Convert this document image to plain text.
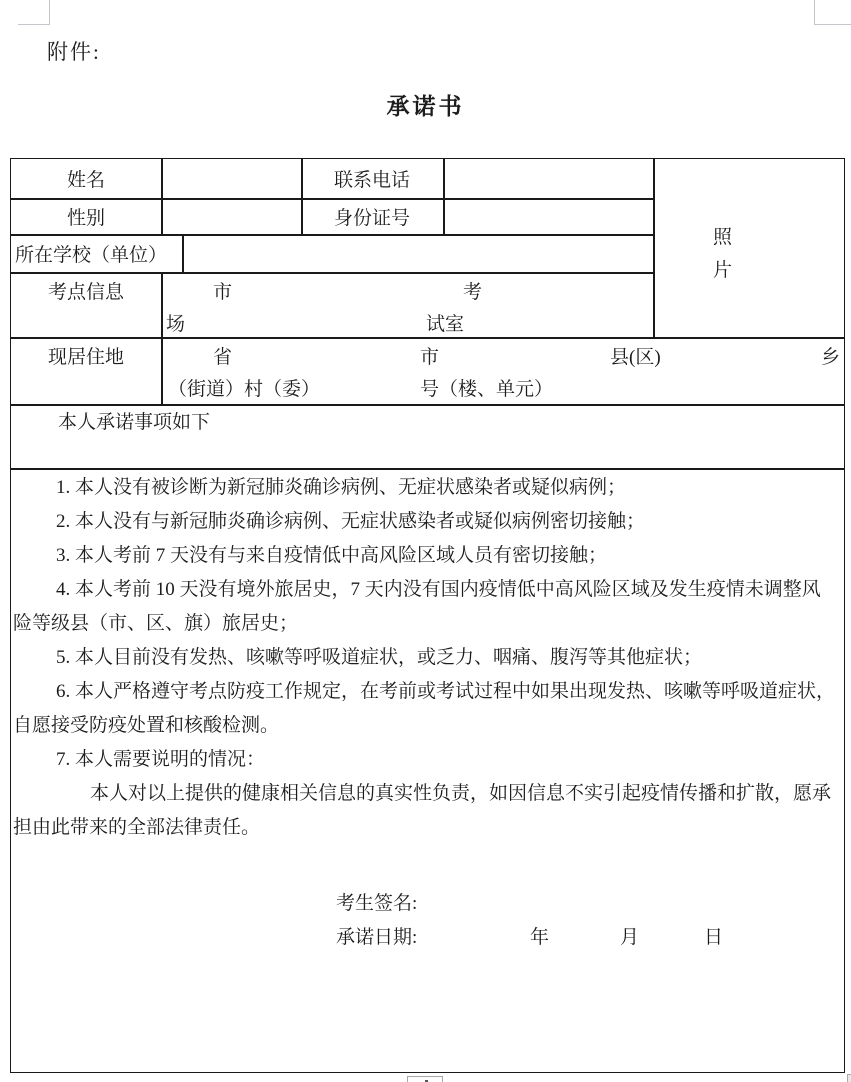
附件:
承诺书
姓名	联系电话
性别	身份证号
所在学校（单位）
照
片
考点信息	市	考
场	试室
现居住地	省	市	县(区)	乡
（街道）村（委）	号（楼、单元）
本人承诺事项如下

1. 本人没有被诊断为新冠肺炎确诊病例、无症状感染者或疑似病例；

2. 本人没有与新冠肺炎确诊病例、无症状感染者或疑似病例密切接触；

3. 本人考前 7 天没有与来自疫情低中高风险区域人员有密切接触；

4. 本人考前 10 天没有境外旅居史，7 天内没有国内疫情低中高风险区域及发生疫情未调整风险等级县（市、区、旗）旅居史；

5. 本人目前没有发热、咳嗽等呼吸道症状，或乏力、咽痛、腹泻等其他症状；

6. 本人严格遵守考点防疫工作规定，在考前或考试过程中如果出现发热、咳嗽等呼吸道症状，自愿接受防疫处置和核酸检测。

7. 本人需要说明的情况：

本人对以上提供的健康相关信息的真实性负责，如因信息不实引起疫情传播和扩散，愿承担由此带来的全部法律责任。

考生签名:
承诺日期:	年	月	日
